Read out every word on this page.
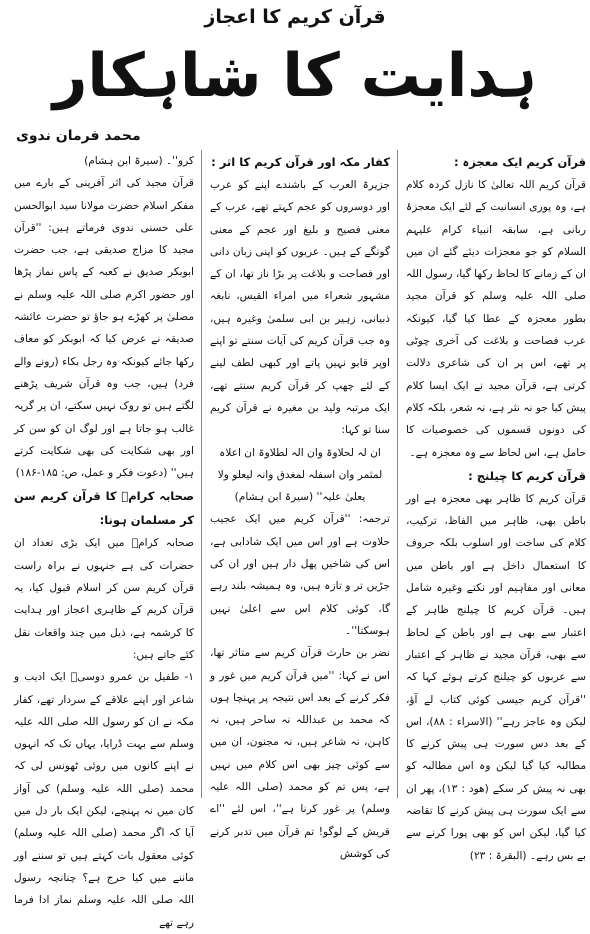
قرآن کریم کا اعجاز
ہدایت کا شاہکار
محمد فرمان ندوی
قرآن کریم ایک معجزہ :

قرآن کریم اللہ تعالیٰ کا نازل کردہ کلام ہے، وہ پوری انسانیت کے لئے ایک معجزۂ ربانی ہے، سابقہ انبیاء کرام علیہم السلام کو جو معجزات دیئے گئے ان میں ان کے زمانے کا لحاظ رکھا گیا، رسول اللہ صلی اللہ علیہ وسلم کو قرآن مجید بطور معجزہ کے عطا کیا گیا، کیونکہ عرب فصاحت و بلاغت کی آخری چوٹی پر تھے، اس پر ان کی شاعری دلالت کرتی ہے، قرآن مجید نے ایک ایسا کلام پیش کیا جو نہ نثر ہے، نہ شعر، بلکہ کلام کی دونوں قسموں کی خصوصیات کا حامل ہے، اس لحاظ سے وہ معجزہ ہے۔

قرآن کریم کا چیلنج :

قرآن کریم کا ظاہر بھی معجزہ ہے اور باطن بھی، ظاہر میں الفاظ، ترکیب، کلام کی ساخت اور اسلوب بلکہ حروف کا استعمال داخل ہے اور باطن میں معانی اور مفاہیم اور نکتے وغیرہ شامل ہیں۔ قرآن کریم کا چیلنج ظاہر کے اعتبار سے بھی ہے اور باطن کے لحاظ سے بھی، قرآن مجید نے ظاہر کے اعتبار سے عربوں کو چیلنج کرتے ہوئے کہا کہ ''قرآن کریم جیسی کوئی کتاب لے آؤ، لیکن وہ عاجز رہے'' (الاسراء : ۸۸)، اس کے بعد دس سورت ہی پیش کرنے کا مطالبہ کیا گیا لیکن وہ اس مطالبہ کو بھی نہ پیش کر سکے (ھود : ۱۳)، پھر ان سے ایک سورت ہی پیش کرنے کا تقاضہ کیا گیا، لیکن اس کو بھی پورا کرنے سے بے بس رہے۔ (البقرۃ : ۲۳)

کفار مکہ اور قرآن کریم کا اثر :

جزیرۃ العرب کے باشندے اپنے کو عرب اور دوسروں کو عجم کہتے تھے، عرب کے معنی فصیح و بلیغ اور عجم کے معنی گونگے کے ہیں۔ عربوں کو اپنی زبان دانی اور فصاحت و بلاغت پر بڑا ناز تھا، ان کے مشہور شعراء میں امراء القیس، نابغہ ذبیانی، زہیر بن ابی سلمیٰ وغیرہ ہیں، وہ جب قرآن کریم کی آیات سنتے تو اپنے اوپر قابو نہیں پاتے اور کبھی لطف لینے کے لئے چھپ کر قرآن کریم سنتے تھے، ایک مرتبہ ولید بن مغیرہ نے قرآن کریم سنا تو کہا:

ان لہ لحلاوۃ وان الہ لطلاوۃ ان اعلاہ لمثمر وان اسفلہ لمغدق وانہ لیعلو ولا یعلیٰ علیہ'' (سیرۃ ابن ہشام)

ترجمہ: ''قرآن کریم میں ایک عجیب حلاوت ہے اور اس میں ایک شادابی ہے، اس کی شاخیں پھل دار ہیں اور ان کی جڑیں تر و تازہ ہیں، وہ ہمیشہ بلند رہے گا، کوئی کلام اس سے اعلیٰ نہیں ہوسکتا''۔

نضر بن حارث قرآن کریم سے متاثر تھا، اس نے کہا: ''میں قرآن کریم میں غور و فکر کرنے کے بعد اس نتیجہ پر پہنچا ہوں کہ محمد بن عبداللہ نہ ساحر ہیں، نہ کاہن، نہ شاعر ہیں، نہ مجنون، ان میں سے کوئی چیز بھی اس کلام میں نہیں ہے، پس تم کو محمد (صلی اللہ علیہ وسلم) پر غور کرنا ہے''، اس لئے ''اے قریش کے لوگو! تم قرآن میں تدبر کرنے کی کوشش

کرو''۔ (سیرۃ ابن ہشام)

قرآن مجید کی اثر آفرینی کے بارے میں مفکر اسلام حضرت مولانا سید ابوالحسن علی حسنی ندوی فرماتے ہیں: ''قرآن مجید کا مزاج صدیقی ہے، جب حضرت ابوبکر صدیق نے کعبہ کے پاس نماز پڑھا اور حضور اکرم صلی اللہ علیہ وسلم نے مصلیٰ پر کھڑے ہو جاؤ تو حضرت عائشہ صدیقہ نے عرض کیا کہ ابوبکر کو معاف رکھا جائے کیونکہ وہ رجل بکاء (رونے والے فرد) ہیں، جب وہ قرآن شریف پڑھنے لگتے ہیں تو روک نہیں سکتے، ان پر گریہ غالب ہو جاتا ہے اور لوگ ان کو سن کر اور بھی شکایت کی بھی شکایت کرتے ہیں'' (دعوت فکر و عمل، ص: ۱۸۵-۱۸۶)

صحابہ کرامؓ کا قرآن کریم سن کر مسلمان ہونا:

صحابہ کرامؓ میں ایک بڑی تعداد ان حضرات کی ہے جنہوں نے براہ راست قرآن کریم سن کر اسلام قبول کیا، یہ قرآن کریم کے ظاہری اعجاز اور ہدایت کا کرشمہ ہے، ذیل میں چند واقعات نقل کئے جاتے ہیں:

۱- طفیل بن عمرو دوسیؓ ایک ادیب و شاعر اور اپنے علاقے کے سردار تھے، کفار مکہ نے ان کو رسول اللہ صلی اللہ علیہ وسلم سے بہت ڈرایا، یہاں تک کہ انہوں نے اپنے کانوں میں روئی ٹھونس لی کہ محمد (صلی اللہ علیہ وسلم) کی آواز کان میں نہ پہنچے، لیکن ایک بار دل میں آیا کہ اگر محمد (صلی اللہ علیہ وسلم) کوئی معقول بات کہتے ہیں تو سننے اور ماننے میں کیا حرج ہے؟ چنانچہ رسول اللہ صلی اللہ علیہ وسلم نماز ادا فرما رہے تھے
